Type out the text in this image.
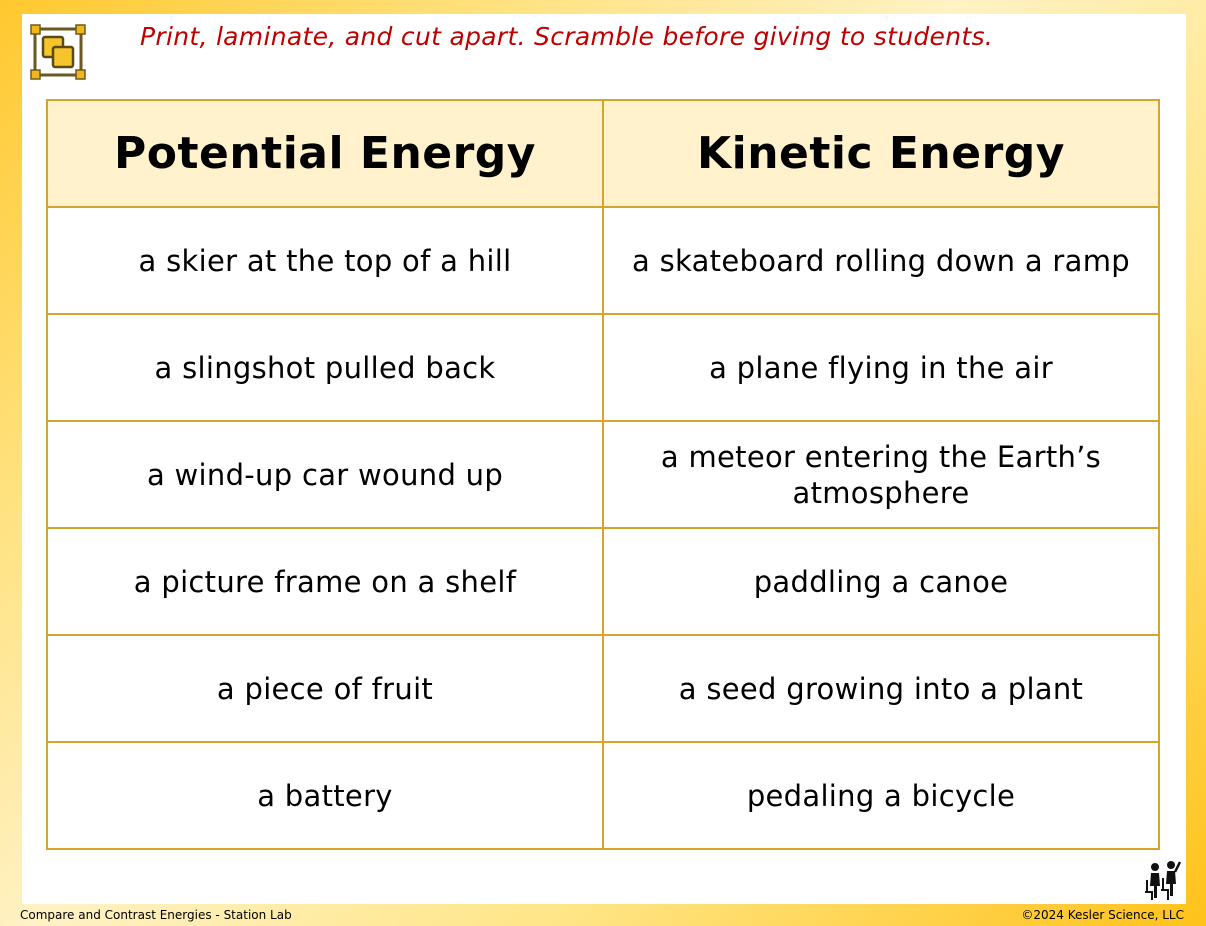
Print, laminate, and cut apart. Scramble before giving to students.
Potential Energy	Kinetic Energy
a skier at the top of a hill	a skateboard rolling down a ramp
a slingshot pulled back	a plane flying in the air
a wind-up car wound up	a meteor entering the Earth’s atmosphere
a picture frame on a shelf	paddling a canoe
a piece of fruit	a seed growing into a plant
a battery	pedaling a bicycle
Compare and Contrast Energies - Station Lab	©2024 Kesler Science, LLC
